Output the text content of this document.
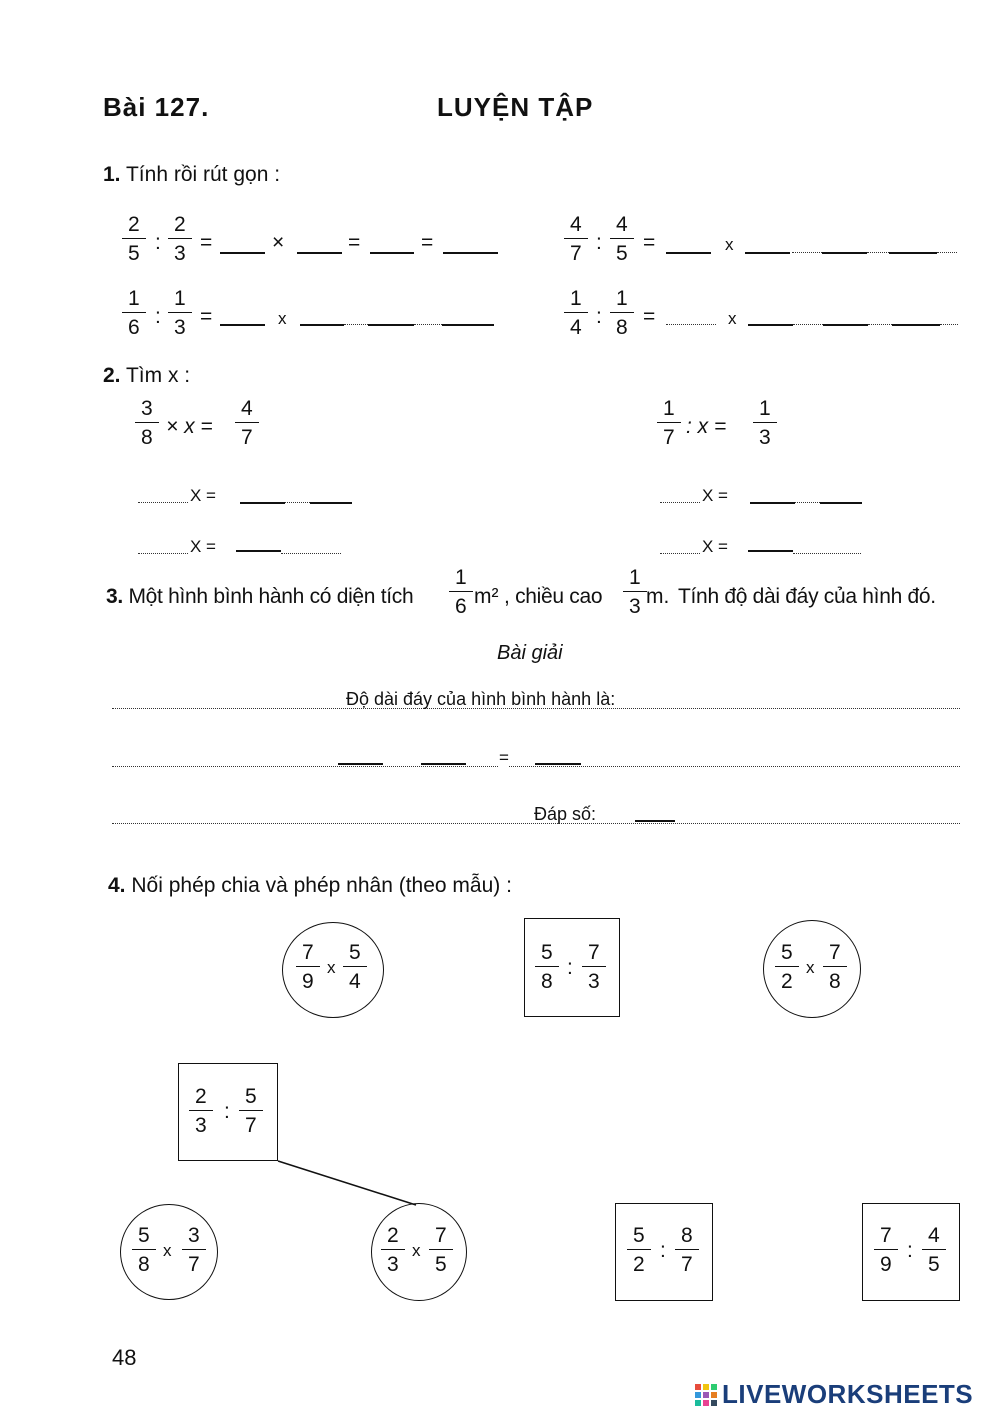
Bài 127.	LUYỆN TẬP
1. Tính rồi rút gọn :
$\frac{2}{5}$ : $\frac{2}{3}$ =	×	=	=	$\frac{4}{7}$ : $\frac{4}{5}$ =	x
$\frac{1}{6}$ : $\frac{1}{3}$ =	x	$\frac{1}{4}$ : $\frac{1}{8}$ =	x
2. Tìm x :
$\frac{3}{8} \times x = \frac{4}{7}$	$\frac{1}{7}$ : $x = \frac{1}{3}$
X =
X =
X =
X =
3. Một hình bình hành có diện tích $\frac{1}{6} m^2$ , chiều cao $\frac{1}{3} m$. Tính độ dài đáy của hình đó.
Bài giải
Độ dài đáy của hình bình hành là:
=
Đáp số:
4. Nối phép chia và phép nhân (theo mẫu) :
$\frac{7}{9}$ x $\frac{5}{4}$	$\frac{5}{8}$ : $\frac{7}{3}$	$\frac{5}{2}$ x $\frac{7}{8}$
$\frac{2}{3}$ : $\frac{5}{7}$
$\frac{5}{8}$ x $\frac{3}{7}$	$\frac{2}{3}$ x $\frac{7}{5}$	$\frac{5}{2}$ : $\frac{8}{7}$	$\frac{7}{9}$ : $\frac{4}{5}$
48
LIVEWORKSHEETS
